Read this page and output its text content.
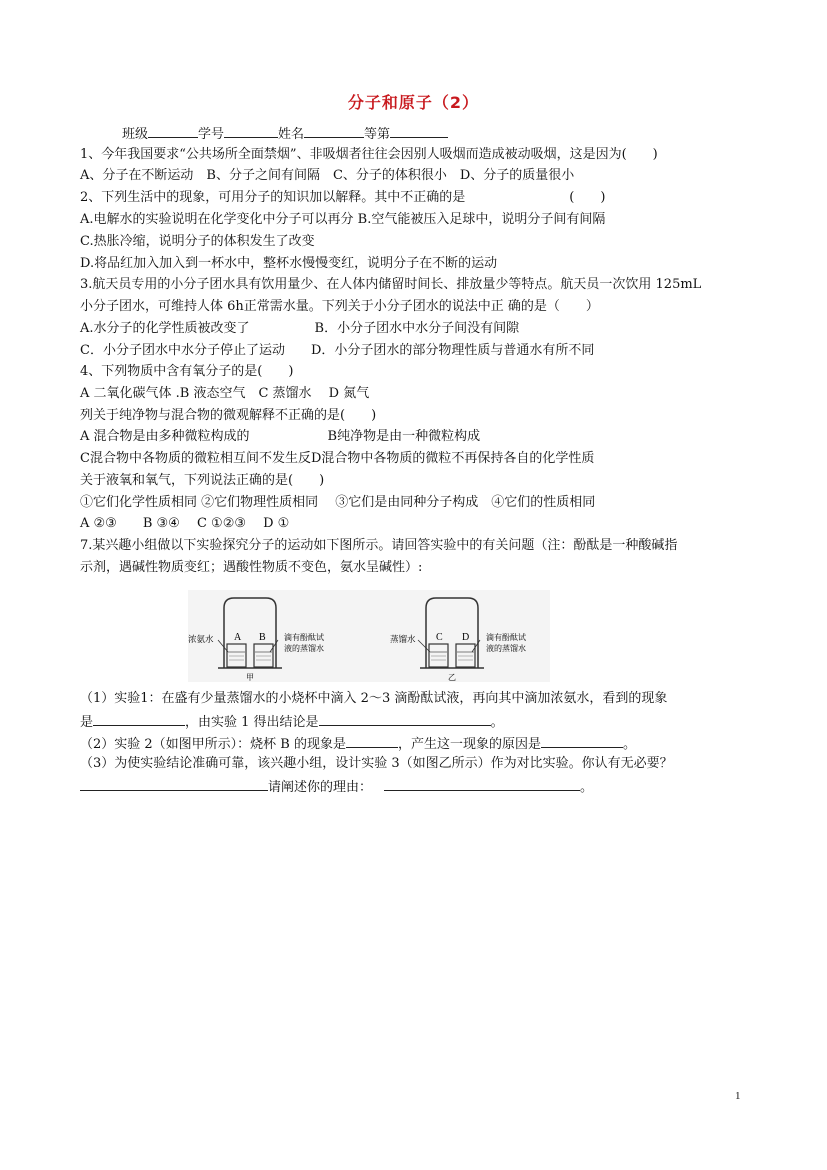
分子和原子（2）
班级	学号	姓名	等第
1、今年我国要求“公共场所全面禁烟”、非吸烟者往往会因别人吸烟而造成被动吸烟，这是因为(　　)
A、分子在不断运动　B、分子之间有间隔　C、分子的体积很小　D、分子的质量很小
2、下列生活中的现象，可用分子的知识加以解释。其中不正确的是　　　　　　　　(　　)
A.电解水的实验说明在化学变化中分子可以再分 B.空气能被压入足球中，说明分子间有间隔
C.热胀冷缩，说明分子的体积发生了改变
D.将品红加入加入到一杯水中，整杯水慢慢变红，说明分子在不断的运动
3.航天员专用的小分子团水具有饮用量少、在人体内储留时间长、排放量少等特点。航天员一次饮用 125mL
小分子团水，可维持人体 6h正常需水量。下列关于小分子团水的说法中正 确的是（　　）
A.水分子的化学性质被改变了　　　　　B．小分子团水中水分子间没有间隙
C．小分子团水中水分子停止了运动　　D．小分子团水的部分物理性质与普通水有所不同
4、下列物质中含有氧分子的是(　　)
A 二氧化碳气体 .B 液态空气　C 蒸馏水　 D 氮气
列关于纯净物与混合物的微观解释不正确的是(　　)
A 混合物是由多种微粒构成的　　　　　　B纯净物是由一种微粒构成
C混合物中各物质的微粒相互间不发生反D混合物中各物质的微粒不再保持各自的化学性质
关于液氧和氧气，下列说法正确的是(　　)
①它们化学性质相同 ②它们物理性质相同　 ③它们是由同种分子构成　④它们的性质相同
A ②③　　B ③④　 C ①②③　 D ①
7.某兴趣小组做以下实验探究分子的运动如下图所示。请回答实验中的有关问题（注：酚酞是一种酸碱指
示剂，遇碱性物质变红；遇酸性物质不变色，氨水呈碱性）:
A B
浓氨水	滴有酚酞试
液的蒸馏水
甲
C D
蒸馏水	滴有酚酞试
液的蒸馏水
乙
（1）实验1：在盛有少量蒸馏水的小烧杯中滴入 2～3 滴酚酞试液，再向其中滴加浓氨水，看到的现象
是	，由实验 1 得出结论是	。
（2）实验 2（如图甲所示）：烧杯 B 的现象是	，产生这一现象的原因是	。
（3）为使实验结论准确可靠，该兴趣小组，设计实验 3（如图乙所示）作为对比实验。你认有无必要？
请阐述你的理由：	。
1
